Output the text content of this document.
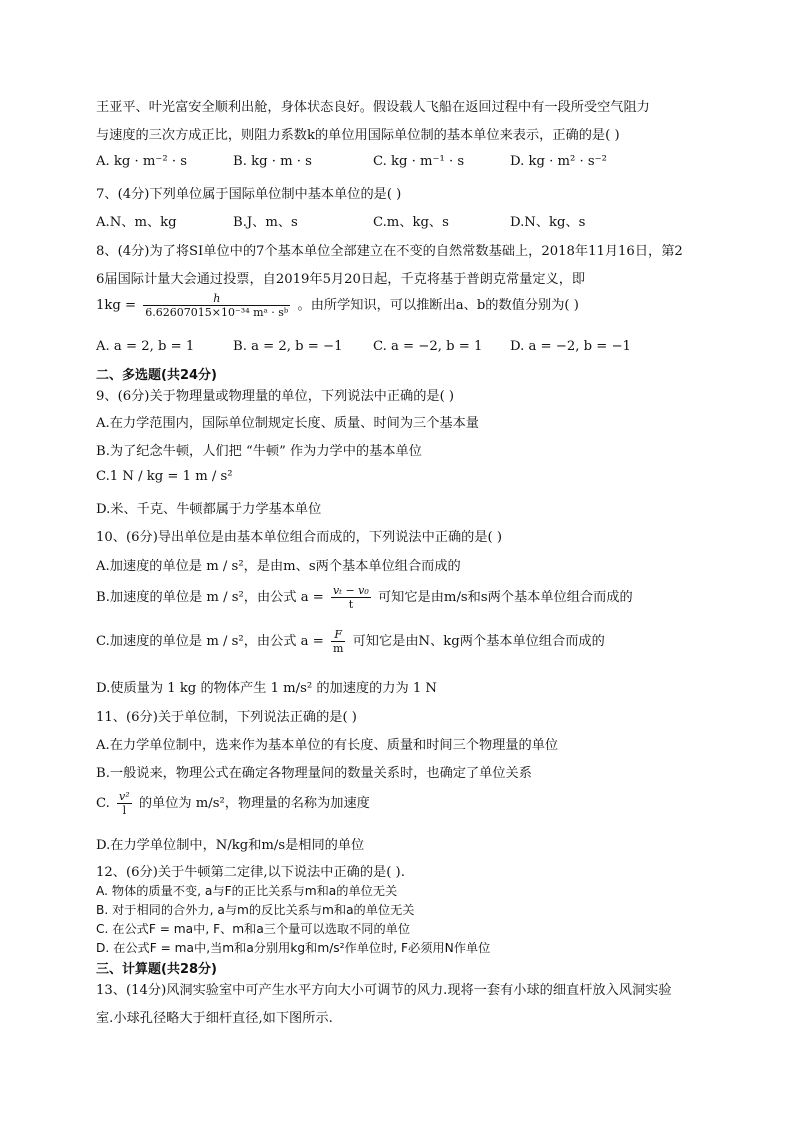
王亚平、叶光富安全顺利出舱，身体状态良好。假设载人飞船在返回过程中有一段所受空气阻力
与速度的三次方成正比，则阻力系数k的单位用国际单位制的基本单位来表示，正确的是( )
A. kg · m⁻² · s	B. kg · m · s	C. kg · m⁻¹ · s	D. kg · m² · s⁻²
7、(4分)下列单位属于国际单位制中基本单位的是( )
A.N、m、kg	B.J、m、s	C.m、kg、s	D.N、kg、s
8、(4分)为了将SI单位中的7个基本单位全部建立在不变的自然常数基础上，2018年11月16日，第2
6届国际计量大会通过投票，自2019年5月20日起，千克将基于普朗克常量定义，即
$1kg = \frac{h}{\text{6.62607015×10⁻³⁴ mᵃ · sᵇ}}$ 。由所学知识，可以推断出a、b的数值分别为( )
A. a = 2, b = 1	B. a = 2, b = −1 C. a = −2, b = 1 D. a = −2, b = −1
二、多选题(共24分)
9、(6分)关于物理量或物理量的单位，下列说法中正确的是( )
A.在力学范围内，国际单位制规定长度、质量、时间为三个基本量
B.为了纪念牛顿，人们把 “牛顿” 作为力学中的基本单位
C.1 N / kg = 1 m / s²
D.米、千克、牛顿都属于力学基本单位
10、(6分)导出单位是由基本单位组合而成的，下列说法中正确的是( )
A.加速度的单位是 m / s²，是由m、s两个基本单位组合而成的
B.加速度的单位是 m / s²，由公式 $a = \frac{\text{vₜ − v₀}}{t}$ 可知它是由m/s和s两个基本单位组合而成的
C.加速度的单位是 m / s²，由公式 $a = \frac{F}{m}$ 可知它是由N、kg两个基本单位组合而成的
D.使质量为 1 kg 的物体产生 1 m/s² 的加速度的力为 1 N
11、(6分)关于单位制，下列说法正确的是( )
A.在力学单位制中，选来作为基本单位的有长度、质量和时间三个物理量的单位
B.一般说来，物理公式在确定各物理量间的数量关系时，也确定了单位关系
C. $\frac{\text{v²}}{l}$ 的单位为 m/s²，物理量的名称为加速度
D.在力学单位制中，N/kg和m/s是相同的单位
12、(6分)关于牛顿第二定律,以下说法中正确的是( ).
A. 物体的质量不变, a与F的正比关系与m和a的单位无关
B. 对于相同的合外力, a与m的反比关系与m和a的单位无关
C. 在公式F = ma中, F、m和a三个量可以选取不同的单位
D. 在公式F = ma中,当m和a分别用kg和m/s²作单位时, F必须用N作单位
三、计算题(共28分)
13、(14分)风洞实验室中可产生水平方向大小可调节的风力.现将一套有小球的细直杆放入风洞实验
室.小球孔径略大于细杆直径,如下图所示.
